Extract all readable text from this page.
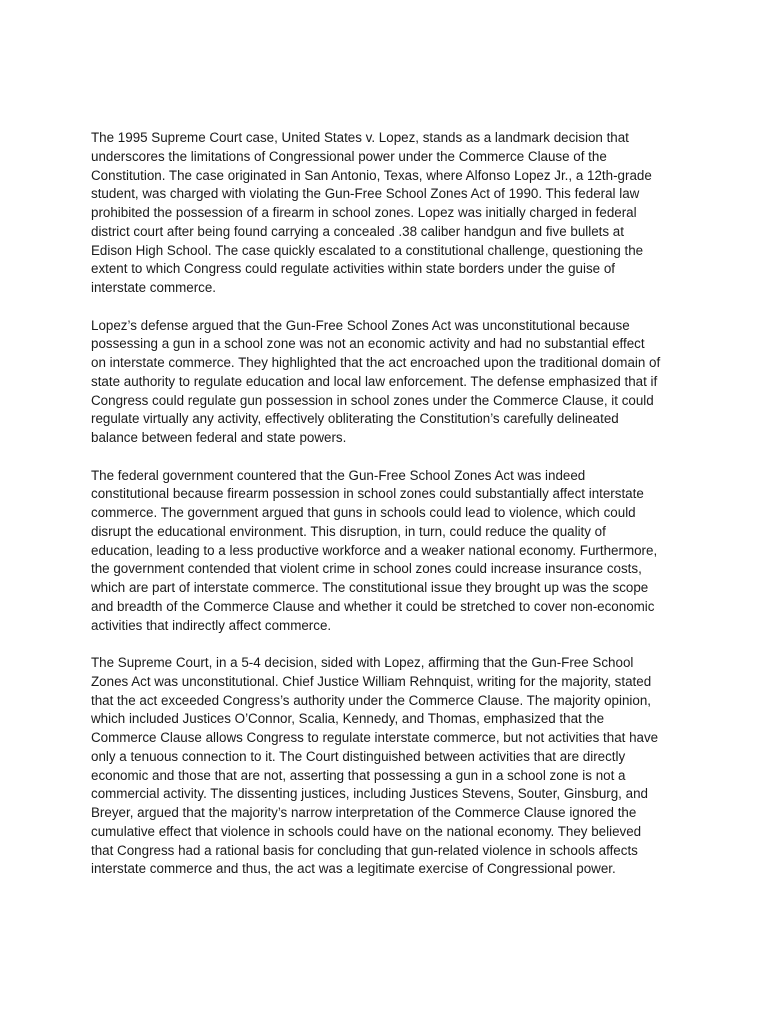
The 1995 Supreme Court case, United States v. Lopez, stands as a landmark decision that
underscores the limitations of Congressional power under the Commerce Clause of the
Constitution. The case originated in San Antonio, Texas, where Alfonso Lopez Jr., a 12th-grade
student, was charged with violating the Gun-Free School Zones Act of 1990. This federal law
prohibited the possession of a firearm in school zones. Lopez was initially charged in federal
district court after being found carrying a concealed .38 caliber handgun and five bullets at
Edison High School. The case quickly escalated to a constitutional challenge, questioning the
extent to which Congress could regulate activities within state borders under the guise of
interstate commerce.

Lopez’s defense argued that the Gun-Free School Zones Act was unconstitutional because
possessing a gun in a school zone was not an economic activity and had no substantial effect
on interstate commerce. They highlighted that the act encroached upon the traditional domain of
state authority to regulate education and local law enforcement. The defense emphasized that if
Congress could regulate gun possession in school zones under the Commerce Clause, it could
regulate virtually any activity, effectively obliterating the Constitution’s carefully delineated
balance between federal and state powers.

The federal government countered that the Gun-Free School Zones Act was indeed
constitutional because firearm possession in school zones could substantially affect interstate
commerce. The government argued that guns in schools could lead to violence, which could
disrupt the educational environment. This disruption, in turn, could reduce the quality of
education, leading to a less productive workforce and a weaker national economy. Furthermore,
the government contended that violent crime in school zones could increase insurance costs,
which are part of interstate commerce. The constitutional issue they brought up was the scope
and breadth of the Commerce Clause and whether it could be stretched to cover non-economic
activities that indirectly affect commerce.

The Supreme Court, in a 5-4 decision, sided with Lopez, affirming that the Gun-Free School
Zones Act was unconstitutional. Chief Justice William Rehnquist, writing for the majority, stated
that the act exceeded Congress’s authority under the Commerce Clause. The majority opinion,
which included Justices O’Connor, Scalia, Kennedy, and Thomas, emphasized that the
Commerce Clause allows Congress to regulate interstate commerce, but not activities that have
only a tenuous connection to it. The Court distinguished between activities that are directly
economic and those that are not, asserting that possessing a gun in a school zone is not a
commercial activity. The dissenting justices, including Justices Stevens, Souter, Ginsburg, and
Breyer, argued that the majority’s narrow interpretation of the Commerce Clause ignored the
cumulative effect that violence in schools could have on the national economy. They believed
that Congress had a rational basis for concluding that gun-related violence in schools affects
interstate commerce and thus, the act was a legitimate exercise of Congressional power.
